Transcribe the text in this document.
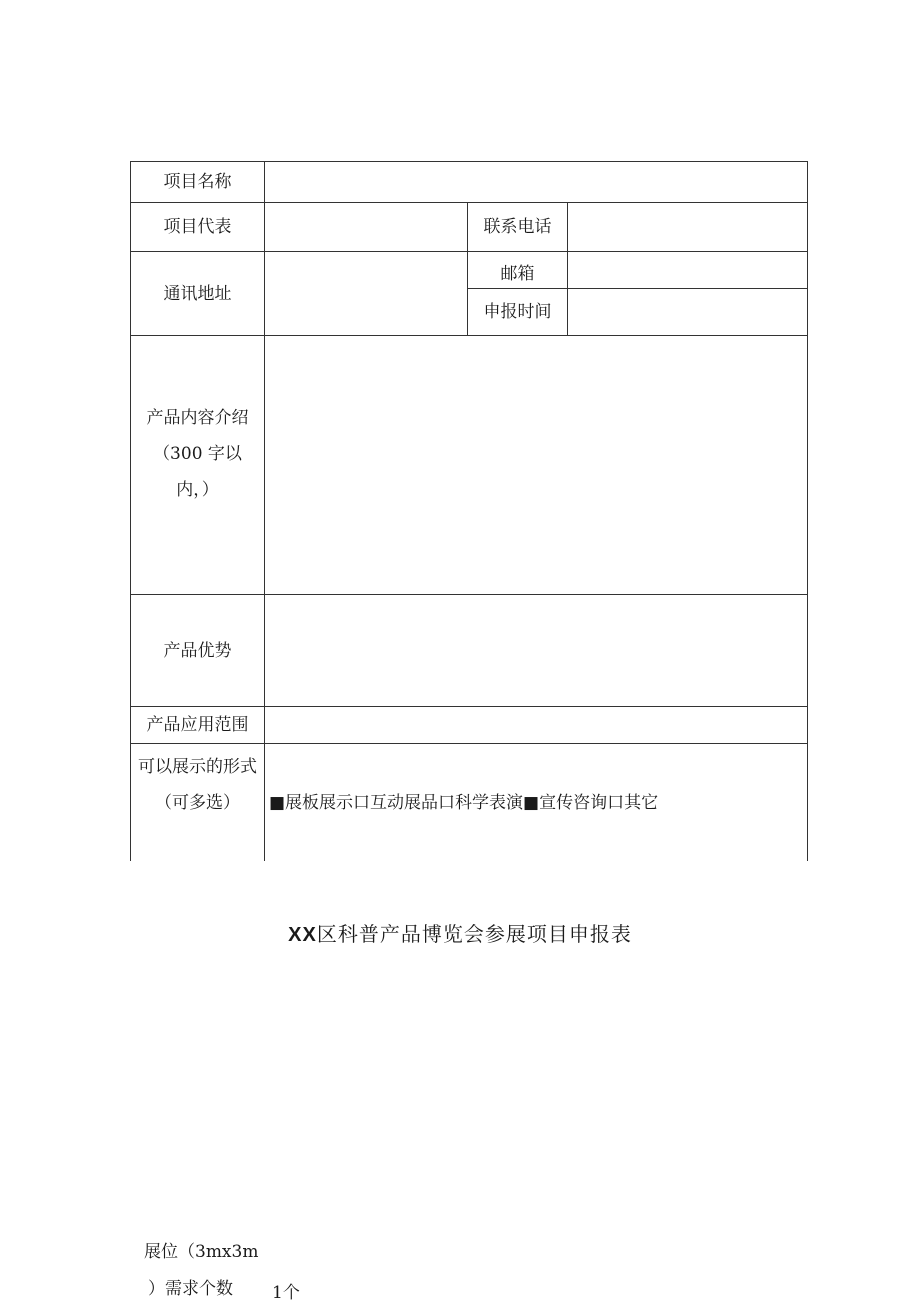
项目名称
项目代表	联系电话
通讯地址
邮箱
申报时间
产品内容介绍
（300 字以
内，）
产品优势
产品应用范围
可以展示的形式
（可多选）	■展板展示口互动展品口科学表演■宣传咨询口其它
XX区科普产品博览会参展项目申报表
展位（3mx3m
）需求个数 1个
